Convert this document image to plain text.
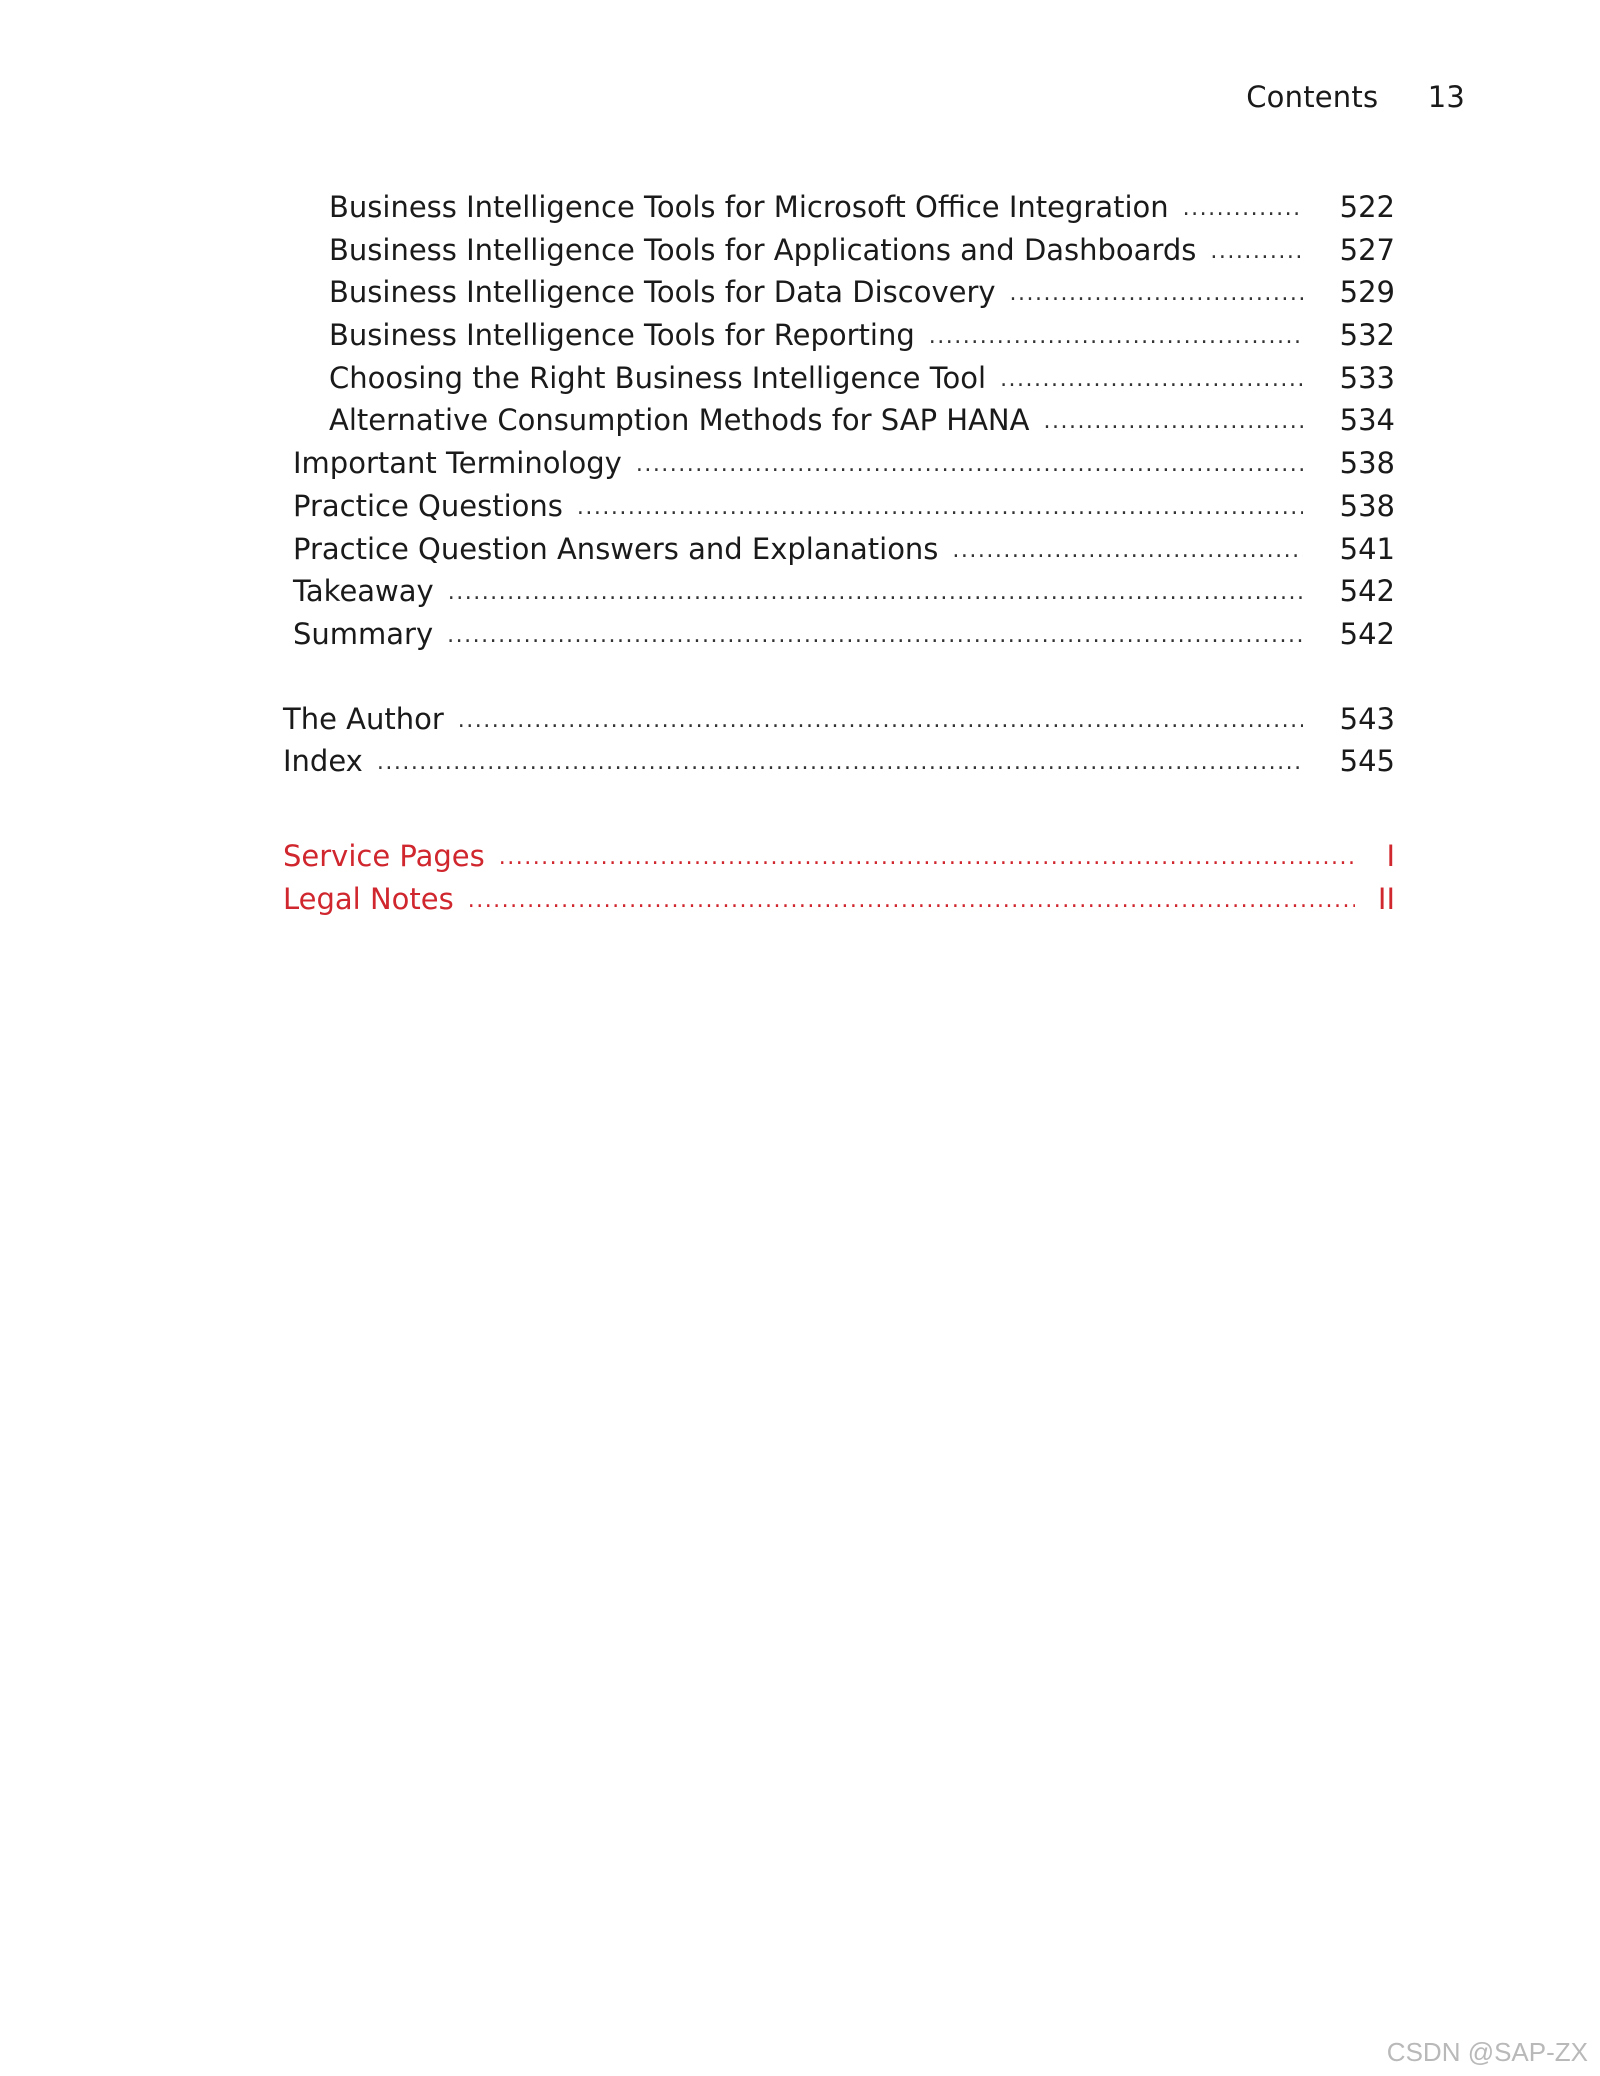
Contents 13
Business Intelligence Tools for Microsoft Office Integration .....	522
Business Intelligence Tools for Applications and Dashboards .....	527
Business Intelligence Tools for Data Discovery .....	529
Business Intelligence Tools for Reporting .....	532
Choosing the Right Business Intelligence Tool .....	533
Alternative Consumption Methods for SAP HANA .....	534
Important Terminology .....	538
Practice Questions .....	538
Practice Question Answers and Explanations .....	541
Takeaway .....	542
Summary .....	542
The Author .....	543
Index .....	545
Service Pages .....	I
Legal Notes .....	II
CSDN @SAP-ZX
